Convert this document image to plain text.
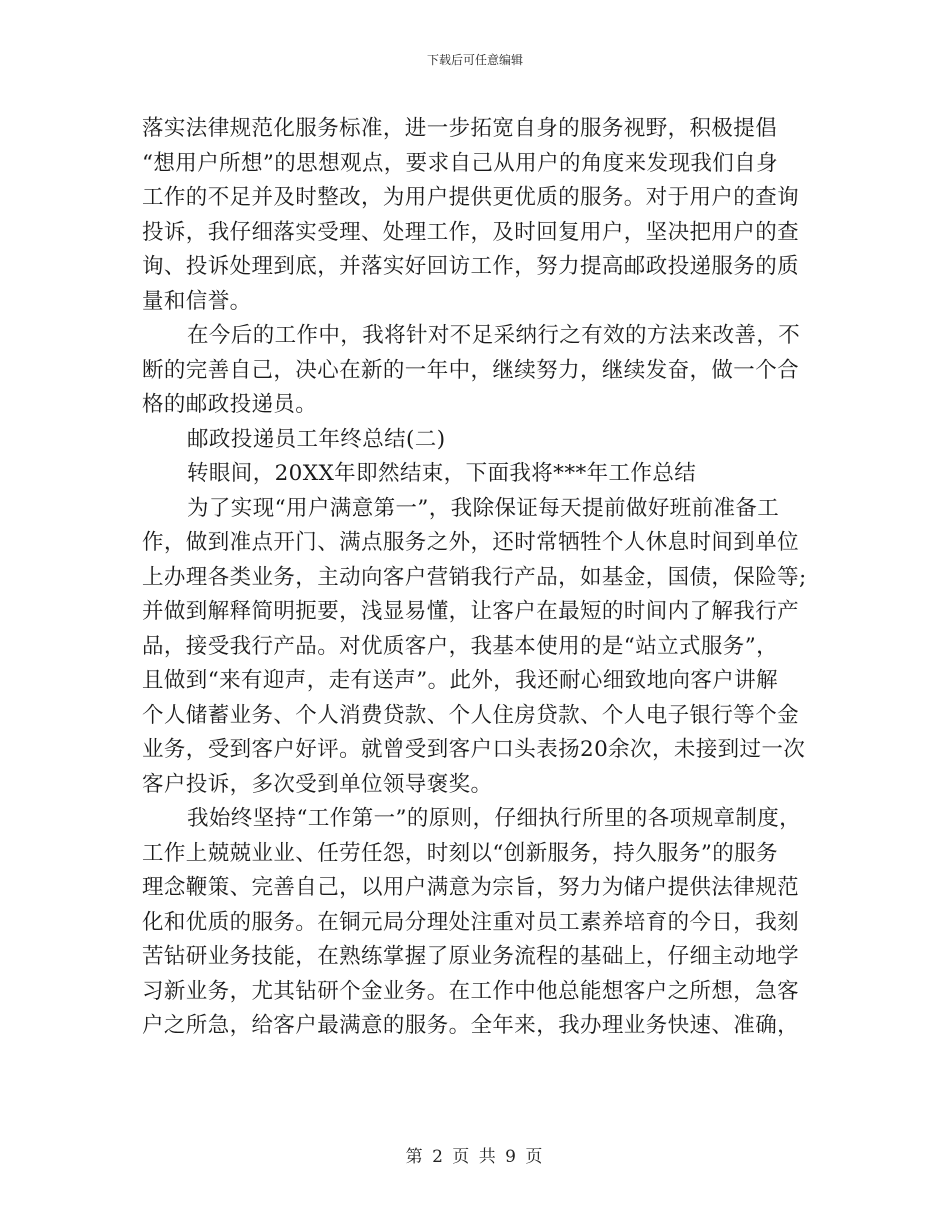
下载后可任意编辑
落实法律规范化服务标准，进一步拓宽自身的服务视野，积极提倡
“想用户所想”的思想观点，要求自己从用户的角度来发现我们自身
工作的不足并及时整改，为用户提供更优质的服务。对于用户的查询
投诉，我仔细落实受理、处理工作，及时回复用户，坚决把用户的查
询、投诉处理到底，并落实好回访工作，努力提高邮政投递服务的质
量和信誉。
在今后的工作中，我将针对不足采纳行之有效的方法来改善，不
断的完善自己，决心在新的一年中，继续努力，继续发奋，做一个合
格的邮政投递员。
邮政投递员工年终总结(二)
转眼间，20XX年即然结束，下面我将***年工作总结
为了实现“用户满意第一”，我除保证每天提前做好班前准备工
作，做到准点开门、满点服务之外，还时常牺牲个人休息时间到单位
上办理各类业务，主动向客户营销我行产品，如基金，国债，保险等;
并做到解释简明扼要，浅显易懂，让客户在最短的时间内了解我行产
品，接受我行产品。对优质客户，我基本使用的是“站立式服务”，
且做到“来有迎声，走有送声”。此外，我还耐心细致地向客户讲解
个人储蓄业务、个人消费贷款、个人住房贷款、个人电子银行等个金
业务，受到客户好评。就曾受到客户口头表扬20余次，未接到过一次
客户投诉，多次受到单位领导褒奖。
我始终坚持“工作第一”的原则，仔细执行所里的各项规章制度，
工作上兢兢业业、任劳任怨，时刻以“创新服务，持久服务”的服务
理念鞭策、完善自己，以用户满意为宗旨，努力为储户提供法律规范
化和优质的服务。在铜元局分理处注重对员工素养培育的今日，我刻
苦钻研业务技能，在熟练掌握了原业务流程的基础上，仔细主动地学
习新业务，尤其钻研个金业务。在工作中他总能想客户之所想，急客
户之所急，给客户最满意的服务。全年来，我办理业务快速、准确，
第 2 页 共 9 页
